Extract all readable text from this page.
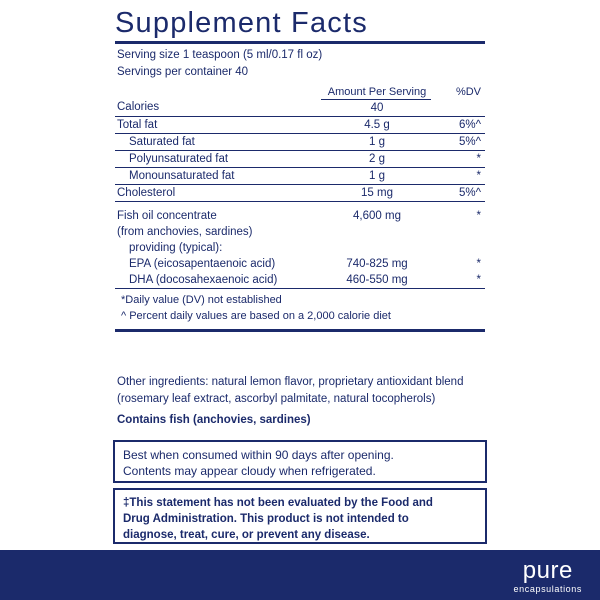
Supplement Facts
Serving size 1 teaspoon (5 ml/0.17 fl oz)
Servings per container 40
	Amount Per Serving	%DV
Calories	40	
Total fat	4.5 g	6%^
Saturated fat	1 g	5%^
Polyunsaturated fat	2 g	*
Monounsaturated fat	1 g	*
Cholesterol	15 mg	5%^
Fish oil concentrate	4,600 mg	*
(from anchovies, sardines)		
providing (typical):		
EPA (eicosapentaenoic acid)	740-825 mg	*
DHA (docosahexaenoic acid)	460-550 mg	*
*Daily value (DV) not established
^ Percent daily values are based on a 2,000 calorie diet
Other ingredients: natural lemon flavor, proprietary antioxidant blend (rosemary leaf extract, ascorbyl palmitate, natural tocopherols)
Contains fish (anchovies, sardines)
Best when consumed within 90 days after opening.
Contents may appear cloudy when refrigerated.
‡This statement has not been evaluated by the Food and
Drug Administration. This product is not intended to
diagnose, treat, cure, or prevent any disease.
pure
encapsulations
